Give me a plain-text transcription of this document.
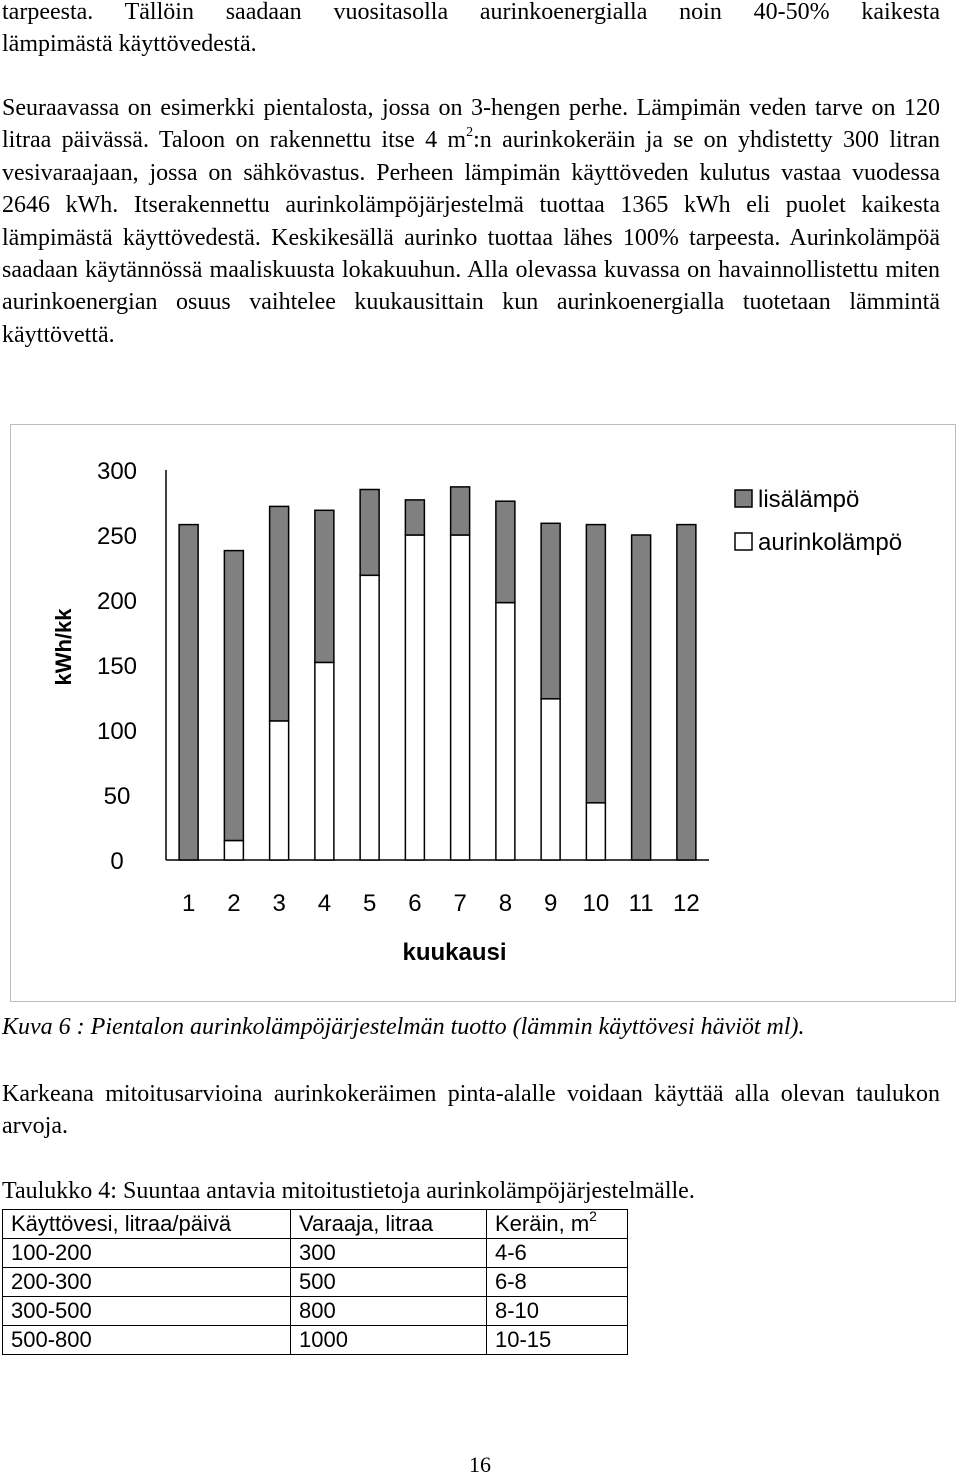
tarpeesta. Tällöin saadaan vuositasolla aurinkoenergialla noin 40-50% kaikesta
lämpimästä käyttövedestä.

Seuraavassa on esimerkki pientalosta, jossa on 3-hengen perhe. Lämpimän veden tarve on 120 litraa päivässä. Taloon on rakennettu itse 4 $m^2:n$ aurinkokeräin ja se on yhdistetty 300 litran vesivaraajaan, jossa on sähkövastus. Perheen lämpimän käyttöveden kulutus vastaa vuodessa 2646 kWh. Itserakennettu aurinkolämpöjärjestelmä tuottaa 1365 kWh eli puolet kaikesta lämpimästä käyttövedestä. Keskikesällä aurinko tuottaa lähes 100% tarpeesta. Aurinkolämpöä saadaan käytännössä maaliskuusta lokakuuhun. Alla olevassa kuvassa on havainnollistettu miten aurinkoenergian osuus vaihtelee kuukausittain kun aurinkoenergialla tuotetaan lämmintä käyttövettä.

0
50
100
150
200
250
300
kWh/kk
1 2 3 4 5 6 7 8 9 10 11 12
kuukausi
lisälämpö
aurinkolämpö

Kuva 6 : Pientalon aurinkolämpöjärjestelmän tuotto (lämmin käyttövesi häviöt ml).

Karkeana mitoitusarvioina aurinkokeräimen pinta-alalle voidaan käyttää alla olevan taulukon arvoja.

Taulukko 4: Suuntaa antavia mitoitustietoja aurinkolämpöjärjestelmälle.

Käyttövesi, litraa/päivä	Varaaja, litraa	Keräin, $m^2$
100-200	300	4-6
200-300	500	6-8
300-500	800	8-10
500-800	1000	10-15
16
